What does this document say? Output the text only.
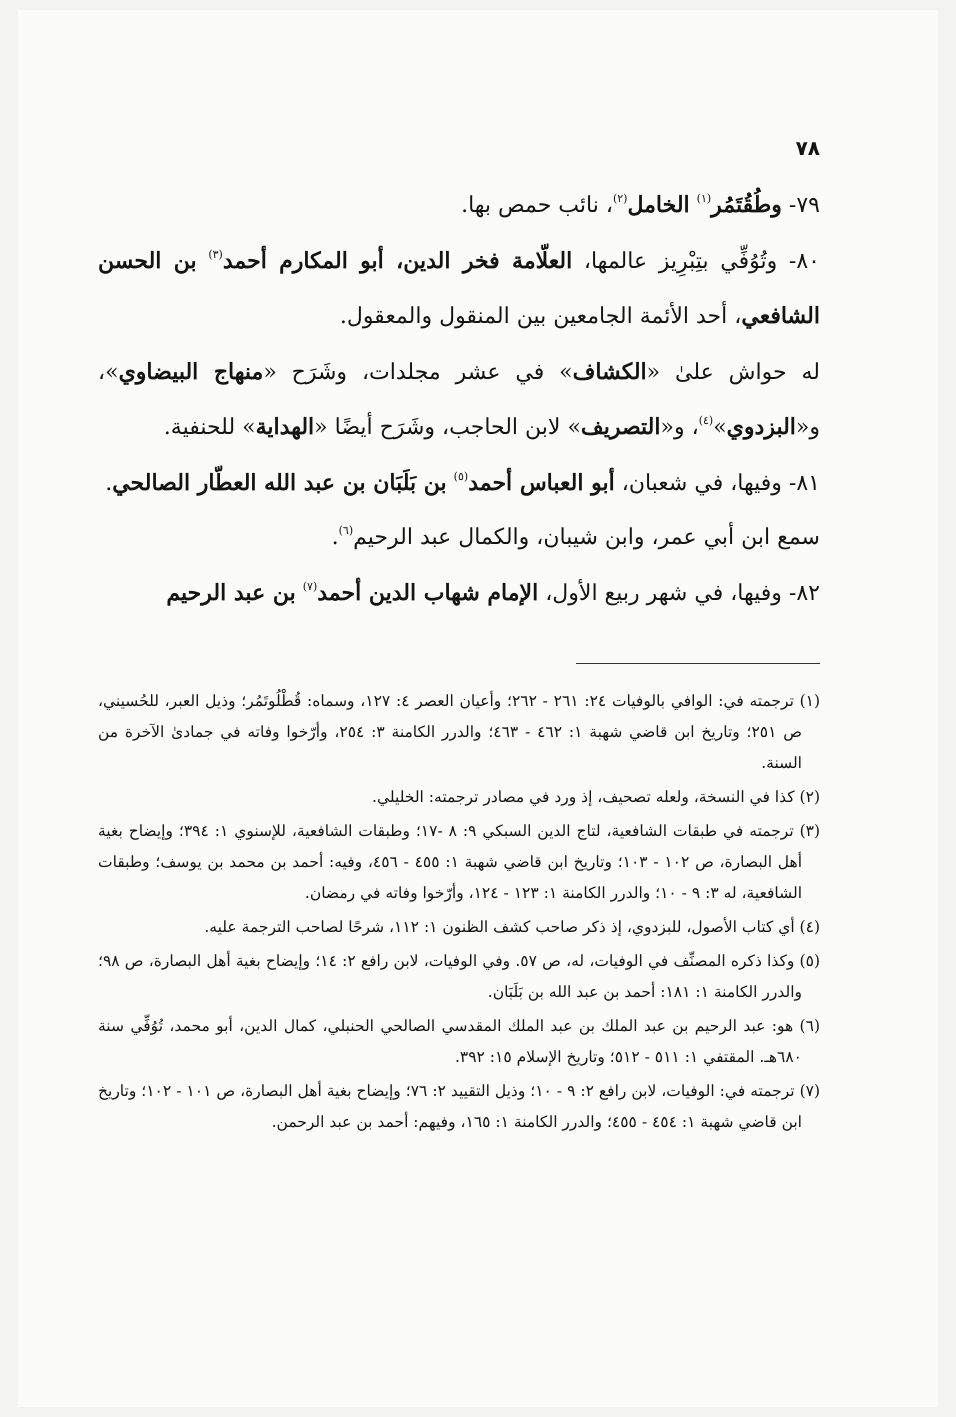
٧٨

٧٩- وطُقُتَمُر$^{(١)}$ الخامل$^{(٢)}$، نائب حمص بها.

٨٠- وتُوُفِّي بتِبْرِيز عالمها، العلّامة فخر الدين، أبو المكارم أحمد$^{(٣)}$ بن الحسن الشافعي، أحد الأئمة الجامعين بين المنقول والمعقول.

له حواش علىٰ «الكشاف» في عشر مجلدات، وشَرَح «منهاج البيضاوي»، و«البزدوي»$^{(٤)}$، و«التصريف» لابن الحاجب، وشَرَح أيضًا «الهداية» للحنفية.

٨١- وفيها، في شعبان، أبو العباس أحمد$^{(٥)}$ بن بَلَبَان بن عبد الله العطّار الصالحي.

سمع ابن أبي عمر، وابن شيبان، والكمال عبد الرحيم$^{(٦)}$.

٨٢- وفيها، في شهر ربيع الأول، الإمام شهاب الدين أحمد$^{(٧)}$ بن عبد الرحيم

(١) ترجمته في: الوافي بالوفيات ٢٤: ٢٦١ - ٢٦٢؛ وأعيان العصر ٤: ١٢٧، وسماه: قُطْلُوتَمُر؛ وذيل العبر، للحُسيني، ص ٢٥١؛ وتاريخ ابن قاضي شهبة ١: ٤٦٢ - ٤٦٣؛ والدرر الكامنة ٣: ٢٥٤، وأرّخوا وفاته في جمادىٰ الآخرة من السنة.

(٢) كذا في النسخة، ولعله تصحيف، إذ ورد في مصادر ترجمته: الخليلي.

(٣) ترجمته في طبقات الشافعية، لتاج الدين السبكي ٩: ٨ -١٧؛ وطبقات الشافعية، للإسنوي ١: ٣٩٤؛ وإيضاح بغية أهل البصارة، ص ١٠٢ - ١٠٣؛ وتاريخ ابن قاضي شهبة ١: ٤٥٥ - ٤٥٦، وفيه: أحمد بن محمد بن يوسف؛ وطبقات الشافعية، له ٣: ٩ - ١٠؛ والدرر الكامنة ١: ١٢٣ - ١٢٤، وأرّخوا وفاته في رمضان.

(٤) أي كتاب الأصول، للبزدوي، إذ ذكر صاحب كشف الظنون ١: ١١٢، شرحًا لصاحب الترجمة عليه.

(٥) وكذا ذكره المصنِّف في الوفيات، له، ص ٥٧. وفي الوفيات، لابن رافع ٢: ١٤؛ وإيضاح بغية أهل البصارة، ص ٩٨؛ والدرر الكامنة ١: ١٨١: أحمد بن عبد الله بن بَلَبَان.

(٦) هو: عبد الرحيم بن عبد الملك بن عبد الملك المقدسي الصالحي الحنبلي، كمال الدين، أبو محمد، تُوُفِّي سنة ٦٨٠هـ. المقتفي ١: ٥١١ - ٥١٢؛ وتاريخ الإسلام ١٥: ٣٩٢.

(٧) ترجمته في: الوفيات، لابن رافع ٢: ٩ - ١٠؛ وذيل التقييد ٢: ٧٦؛ وإيضاح بغية أهل البصارة، ص ١٠١ - ١٠٢؛ وتاريخ ابن قاضي شهبة ١: ٤٥٤ - ٤٥٥؛ والدرر الكامنة ١: ١٦٥، وفيهم: أحمد بن عبد الرحمن.
